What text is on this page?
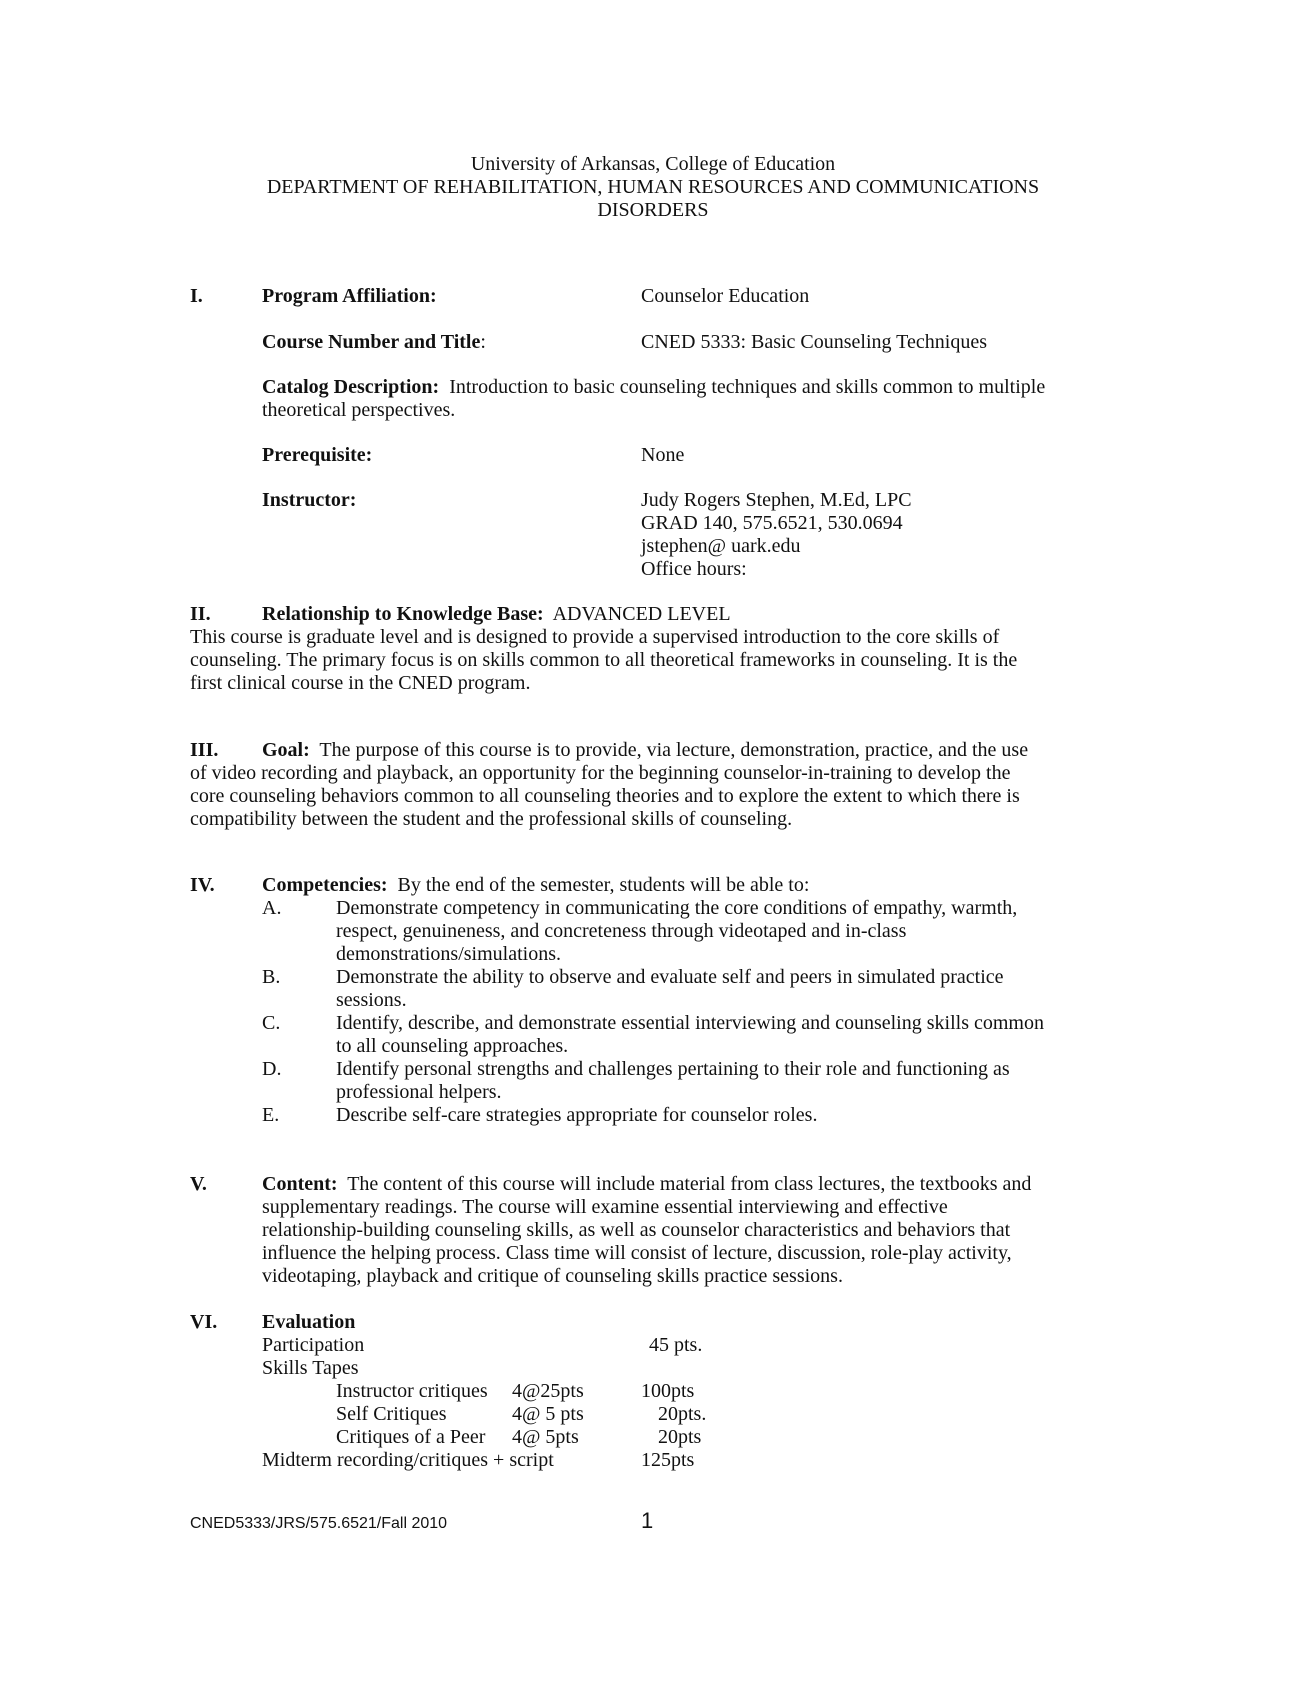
University of Arkansas, College of Education
DEPARTMENT OF REHABILITATION, HUMAN RESOURCES AND COMMUNICATIONS
DISORDERS
I.	Program Affiliation:	Counselor Education
Course Number and Title:	CNED 5333: Basic Counseling Techniques
Catalog Description: Introduction to basic counseling techniques and skills common to multiple
theoretical perspectives.
Prerequisite:	None
Instructor:	Judy Rogers Stephen, M.Ed, LPC
GRAD 140, 575.6521, 530.0694
jstephen@ uark.edu
Office hours:
II.	Relationship to Knowledge Base: ADVANCED LEVEL
This course is graduate level and is designed to provide a supervised introduction to the core skills of
counseling. The primary focus is on skills common to all theoretical frameworks in counseling. It is the
first clinical course in the CNED program.
III. Goal: The purpose of this course is to provide, via lecture, demonstration, practice, and the use
of video recording and playback, an opportunity for the beginning counselor-in-training to develop the
core counseling behaviors common to all counseling theories and to explore the extent to which there is
compatibility between the student and the professional skills of counseling.
IV. Competencies: By the end of the semester, students will be able to:
A.	Demonstrate competency in communicating the core conditions of empathy, warmth,
respect, genuineness, and concreteness through videotaped and in-class
demonstrations/simulations.
B.	Demonstrate the ability to observe and evaluate self and peers in simulated practice
sessions.
C.	Identify, describe, and demonstrate essential interviewing and counseling skills common
to all counseling approaches.
D.	Identify personal strengths and challenges pertaining to their role and functioning as
professional helpers.
E.	Describe self-care strategies appropriate for counselor roles.
V.	Content: The content of this course will include material from class lectures, the textbooks and
supplementary readings. The course will examine essential interviewing and effective
relationship-building counseling skills, as well as counselor characteristics and behaviors that
influence the helping process. Class time will consist of lecture, discussion, role-play activity,
videotaping, playback and critique of counseling skills practice sessions.
VI. Evaluation
Participation	45 pts.
Skills Tapes
Instructor critiques 4@25pts	100pts
Self Critiques	4@ 5 pts	20pts.
Critiques of a Peer 4@ 5pts	20pts
Midterm recording/critiques + script	125pts
CNED5333/JRS/575.6521/Fall 2010	1
